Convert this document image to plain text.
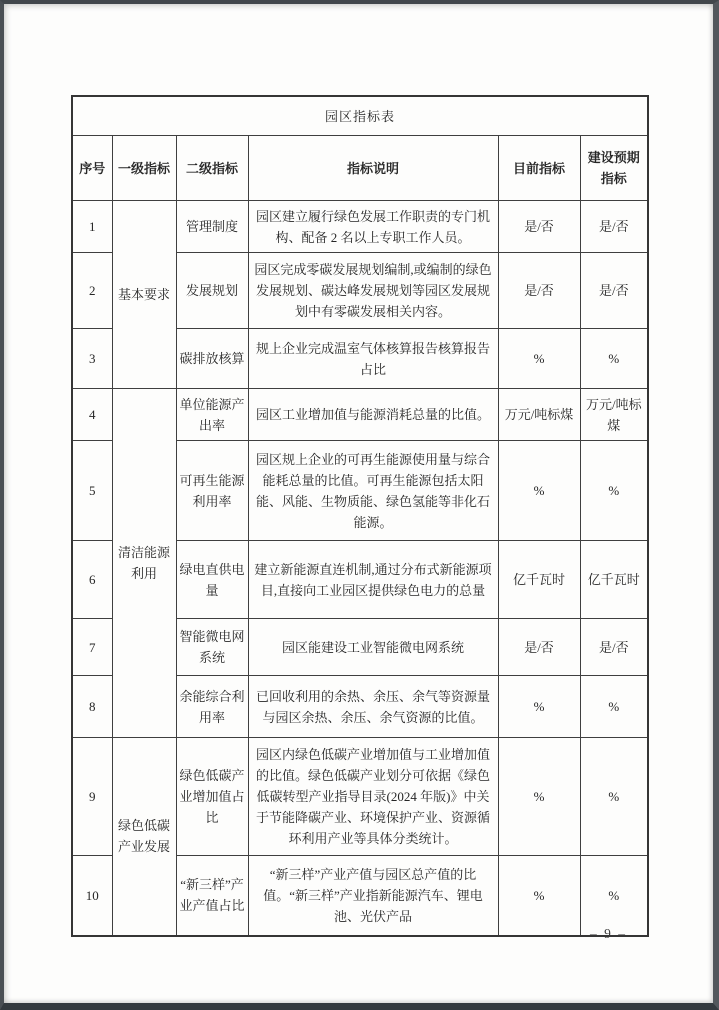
园区指标表					
序号	一级指标	二级指标	指标说明	目前指标	建设预期指标
1	基本要求	管理制度	园区建立履行绿色发展工作职责的专门机构、配备 2 名以上专职工作人员。	是/否	是/否
2		发展规划	园区完成零碳发展规划编制,或编制的绿色发展规划、碳达峰发展规划等园区发展规划中有零碳发展相关内容。	是/否	是/否
3		碳排放核算	规上企业完成温室气体核算报告核算报告占比	%	%
4	清洁能源利用	单位能源产出率	园区工业增加值与能源消耗总量的比值。	万元/吨标煤	万元/吨标煤
5		可再生能源利用率	园区规上企业的可再生能源使用量与综合能耗总量的比值。可再生能源包括太阳能、风能、生物质能、绿色氢能等非化石能源。	%	%
6		绿电直供电量	建立新能源直连机制,通过分布式新能源项目,直接向工业园区提供绿色电力的总量	亿千瓦时	亿千瓦时
7		智能微电网系统	园区能建设工业智能微电网系统	是/否	是/否
8		余能综合利用率	已回收利用的余热、余压、余气等资源量与园区余热、余压、余气资源的比值。	%	%
9	绿色低碳产业发展	绿色低碳产业增加值占比	园区内绿色低碳产业增加值与工业增加值的比值。绿色低碳产业划分可依据《绿色低碳转型产业指导目录(2024 年版)》中关于节能降碳产业、环境保护产业、资源循环利用产业等具体分类统计。	%	%
10		“新三样”产业产值占比	“新三样”产业产值与园区总产值的比值。“新三样”产业指新能源汽车、锂电池、光伏产品	%	%
– 9 –
